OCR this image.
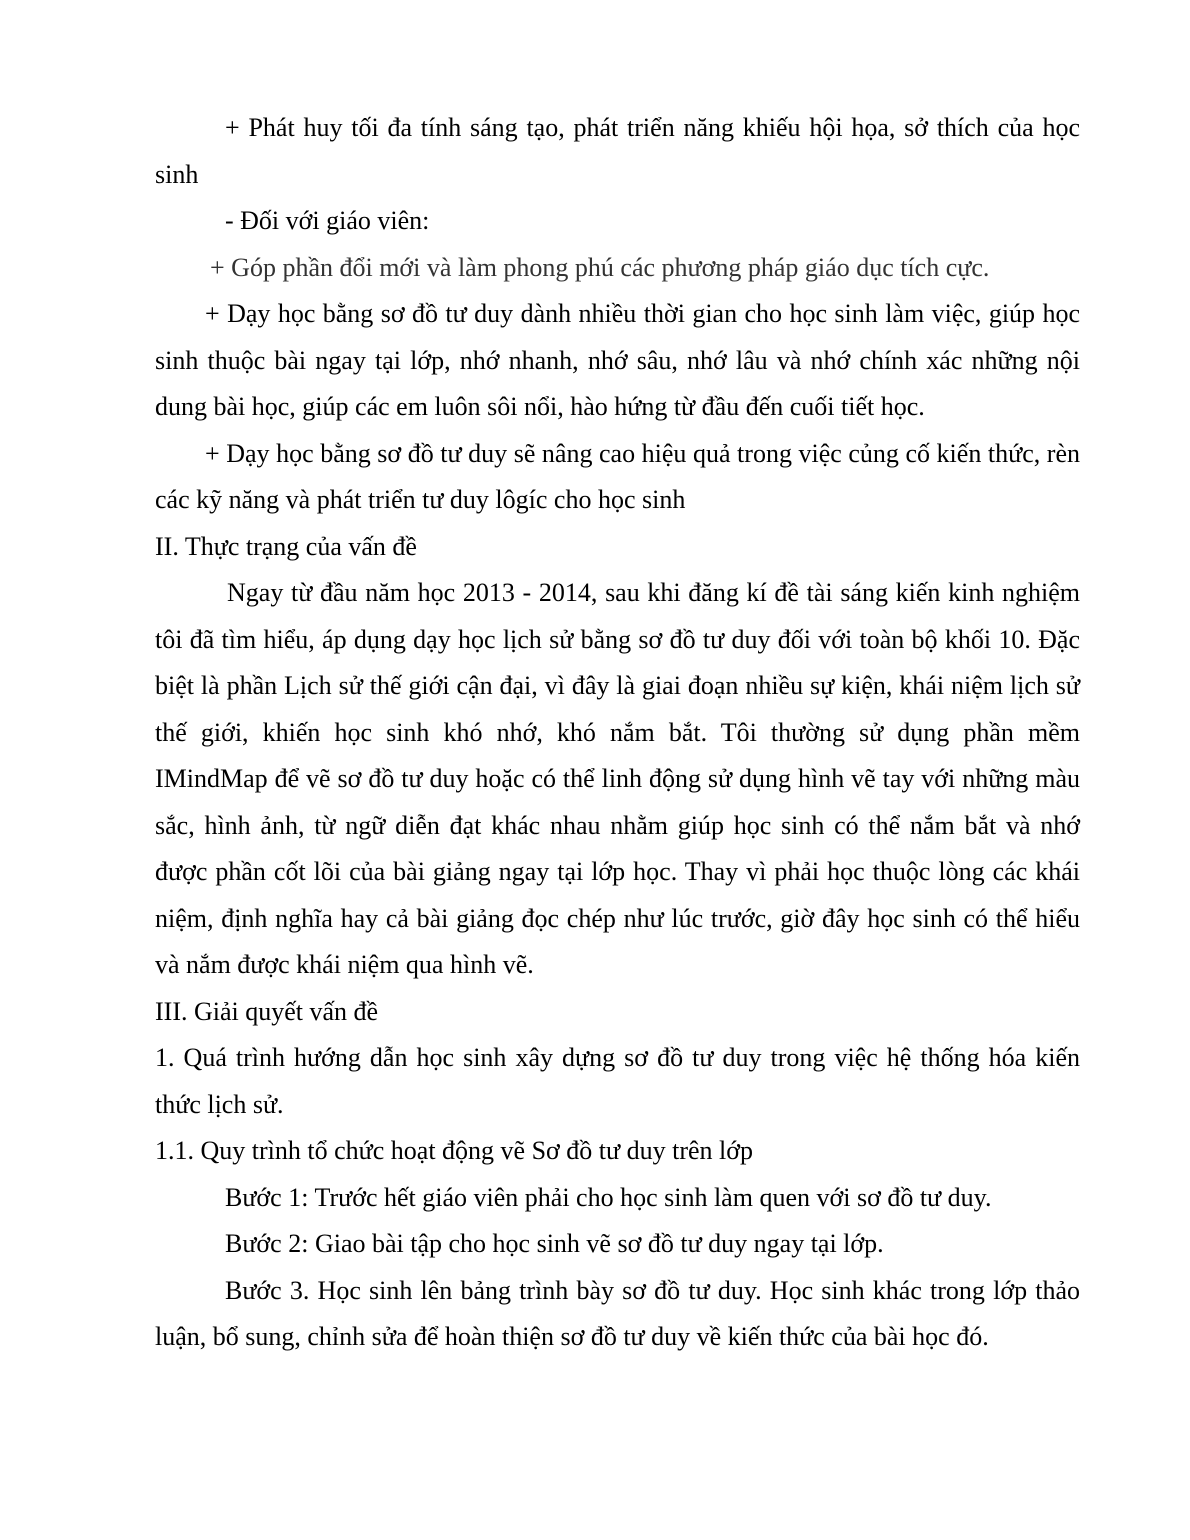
+ Phát huy tối đa tính sáng tạo, phát triển năng khiếu hội họa, sở thích của học sinh

- Đối với giáo viên:

+ Góp phần đổi mới và làm phong phú các phương pháp giáo dục tích cực.

+ Dạy học bằng sơ đồ tư duy dành nhiều thời gian cho học sinh làm việc, giúp học sinh thuộc bài ngay tại lớp, nhớ nhanh, nhớ sâu, nhớ lâu và nhớ chính xác những nội dung bài học, giúp các em luôn sôi nổi, hào hứng từ đầu đến cuối tiết học.

+ Dạy học bằng sơ đồ tư duy sẽ nâng cao hiệu quả trong việc củng cố kiến thức, rèn các kỹ năng và phát triển tư duy lôgíc cho học sinh

II. Thực trạng của vấn đề

Ngay từ đầu năm học 2013 - 2014, sau khi đăng kí đề tài sáng kiến kinh nghiệm tôi đã tìm hiểu, áp dụng dạy học lịch sử bằng sơ đồ tư duy đối với toàn bộ khối 10. Đặc biệt là phần Lịch sử thế giới cận đại, vì đây là giai đoạn nhiều sự kiện, khái niệm lịch sử thế giới, khiến học sinh khó nhớ, khó nắm bắt. Tôi thường sử dụng phần mềm IMindMap để vẽ sơ đồ tư duy hoặc có thể linh động sử dụng hình vẽ tay với những màu sắc, hình ảnh, từ ngữ diễn đạt khác nhau nhằm giúp học sinh có thể nắm bắt và nhớ được phần cốt lõi của bài giảng ngay tại lớp học. Thay vì phải học thuộc lòng các khái niệm, định nghĩa hay cả bài giảng đọc chép như lúc trước, giờ đây học sinh có thể hiểu và nắm được khái niệm qua hình vẽ.

III. Giải quyết vấn đề

1. Quá trình hướng dẫn học sinh xây dựng sơ đồ tư duy trong việc hệ thống hóa kiến thức lịch sử.

1.1. Quy trình tổ chức hoạt động vẽ Sơ đồ tư duy trên lớp

Bước 1: Trước hết giáo viên phải cho học sinh làm quen với sơ đồ tư duy.

Bước 2: Giao bài tập cho học sinh vẽ sơ đồ tư duy ngay tại lớp.

Bước 3. Học sinh lên bảng trình bày sơ đồ tư duy. Học sinh khác trong lớp thảo luận, bổ sung, chỉnh sửa để hoàn thiện sơ đồ tư duy về kiến thức của bài học đó.
